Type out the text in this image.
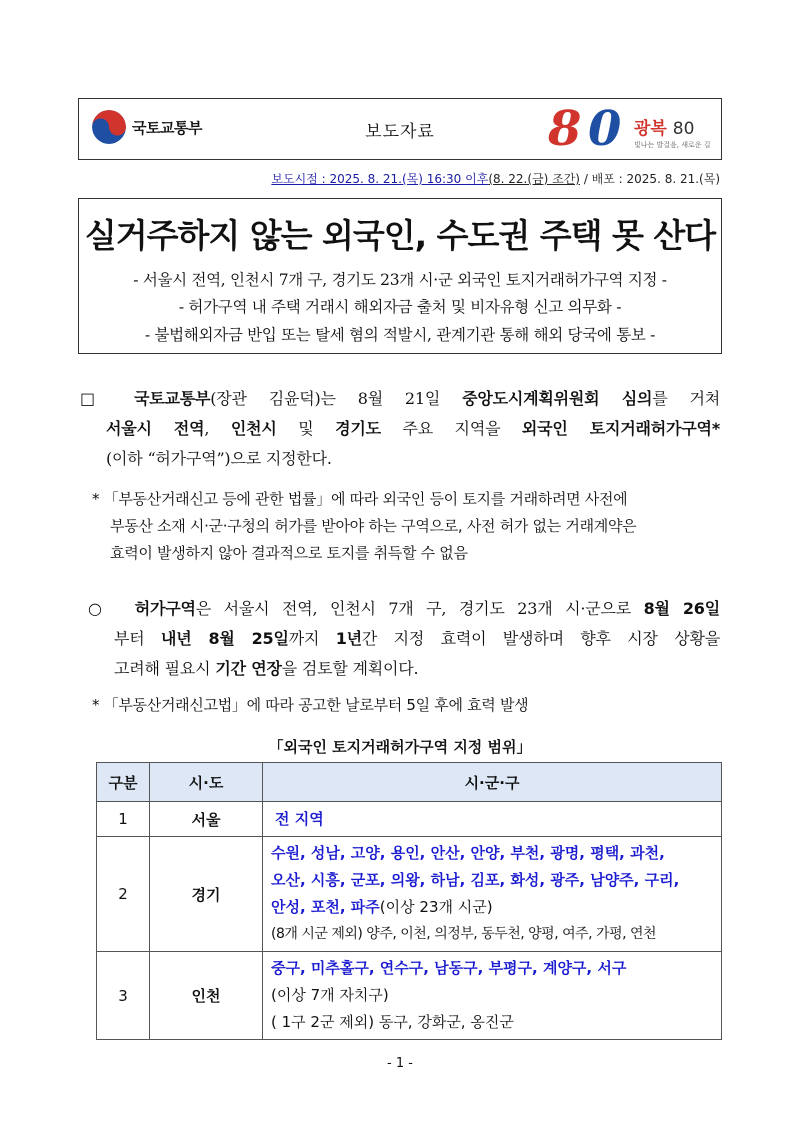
국토교통부	보도자료	8 0 광복 80
빛나는 발걸음, 새로운 길
보도시점 : 2025. 8. 21.(목) 16:30 이후(8. 22.(금) 조간) / 배포 : 2025. 8. 21.(목)
실거주하지 않는 외국인, 수도권 주택 못 산다
- 서울시 전역, 인천시 7개 구, 경기도 23개 시·군 외국인 토지거래허가구역 지정 -
- 허가구역 내 주택 거래시 해외자금 출처 및 비자유형 신고 의무화 -
- 불법해외자금 반입 또는 탈세 혐의 적발시, 관계기관 통해 해외 당국에 통보 -
□ 국토교통부(장관 김윤덕)는 8월 21일 중앙도시계획위원회 심의를 거쳐
서울시 전역, 인천시 및 경기도 주요 지역을 외국인 토지거래허가구역*
(이하 “허가구역”)으로 지정한다.
* 「부동산거래신고 등에 관한 법률」에 따라 외국인 등이 토지를 거래하려면 사전에
부동산 소재 시·군·구청의 허가를 받아야 하는 구역으로, 사전 허가 없는 거래계약은
효력이 발생하지 않아 결과적으로 토지를 취득할 수 없음
○ 허가구역은 서울시 전역, 인천시 7개 구, 경기도 23개 시·군으로 8월 26일
부터 내년 8월 25일까지 1년간 지정 효력이 발생하며 향후 시장 상황을
고려해 필요시 기간 연장을 검토할 계획이다.
* 「부동산거래신고법」에 따라 공고한 날로부터 5일 후에 효력 발생
「외국인 토지거래허가구역 지정 범위」
구분	시·도	시·군·구
1	서울	전 지역
2	경기	수원, 성남, 고양, 용인, 안산, 안양, 부천, 광명, 평택, 과천,
오산, 시흥, 군포, 의왕, 하남, 김포, 화성, 광주, 남양주, 구리,
안성, 포천, 파주(이상 23개 시군)
(8개 시군 제외) 양주, 이천, 의정부, 동두천, 양평, 여주, 가평, 연천

3	인천	중구, 미추홀구, 연수구, 남동구, 부평구, 계양구, 서구
(이상 7개 자치구)
( 1구 2군 제외) 동구, 강화군, 옹진군
- 1 -
